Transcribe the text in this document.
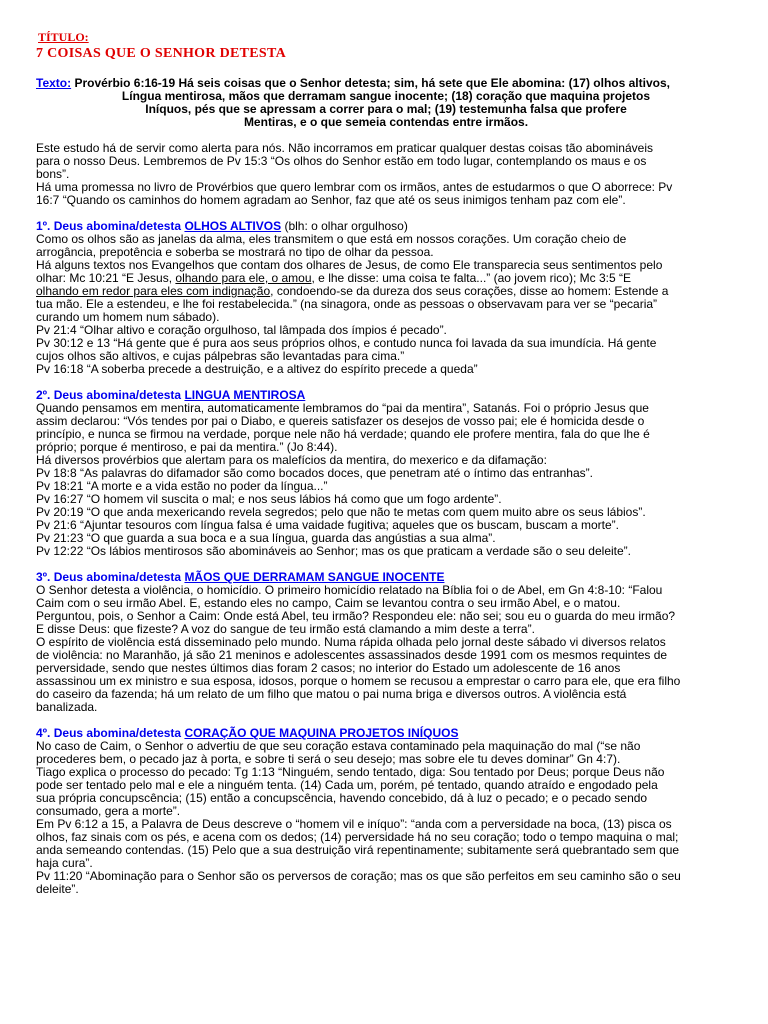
TÍTULO:
7 COISAS QUE O SENHOR DETESTA
Texto: Provérbio 6:16-19 Há seis coisas que o Senhor detesta; sim, há sete que Ele abomina: (17) olhos altivos,
Língua mentirosa, mãos que derramam sangue inocente; (18) coração que maquina projetos
Iníquos, pés que se apressam a correr para o mal; (19) testemunha falsa que profere
Mentiras, e o que semeia contendas entre irmãos.
Este estudo há de servir como alerta para nós. Não incorramos em praticar qualquer destas coisas tão abomináveis
para o nosso Deus. Lembremos de Pv 15:3 “Os olhos do Senhor estão em todo lugar, contemplando os maus e os
bons”.
Há uma promessa no livro de Provérbios que quero lembrar com os irmãos, antes de estudarmos o que O aborrece: Pv
16:7 “Quando os caminhos do homem agradam ao Senhor, faz que até os seus inimigos tenham paz com ele”.
1º. Deus abomina/detesta OLHOS ALTIVOS (blh: o olhar orgulhoso)
Como os olhos são as janelas da alma, eles transmitem o que está em nossos corações. Um coração cheio de
arrogância, prepotência e soberba se mostrará no tipo de olhar da pessoa.
Há alguns textos nos Evangelhos que contam dos olhares de Jesus, de como Ele transparecia seus sentimentos pelo
olhar: Mc 10:21 “E Jesus, olhando para ele, o amou, e lhe disse: uma coisa te falta...” (ao jovem rico); Mc 3:5 “E
olhando em redor para eles com indignação, condoendo-se da dureza dos seus corações, disse ao homem: Estende a
tua mão. Ele a estendeu, e lhe foi restabelecida.” (na sinagora, onde as pessoas o observavam para ver se “pecaria”
curando um homem num sábado).
Pv 21:4 “Olhar altivo e coração orgulhoso, tal lâmpada dos ímpios é pecado”.
Pv 30:12 e 13 “Há gente que é pura aos seus próprios olhos, e contudo nunca foi lavada da sua imundícia. Há gente
cujos olhos são altivos, e cujas pálpebras são levantadas para cima.”
Pv 16:18 “A soberba precede a destruição, e a altivez do espírito precede a queda”
2º. Deus abomina/detesta LINGUA MENTIROSA
Quando pensamos em mentira, automaticamente lembramos do “pai da mentira”, Satanás. Foi o próprio Jesus que
assim declarou: “Vós tendes por pai o Diabo, e quereis satisfazer os desejos de vosso pai; ele é homicida desde o
princípio, e nunca se firmou na verdade, porque nele não há verdade; quando ele profere mentira, fala do que lhe é
próprio; porque é mentiroso, e pai da mentira.” (Jo 8:44).
Há diversos provérbios que alertam para os malefícios da mentira, do mexerico e da difamação:
Pv 18:8 “As palavras do difamador são como bocados doces, que penetram até o íntimo das entranhas”.
Pv 18:21 “A morte e a vida estão no poder da língua...”
Pv 16:27 “O homem vil suscita o mal; e nos seus lábios há como que um fogo ardente”.
Pv 20:19 “O que anda mexericando revela segredos; pelo que não te metas com quem muito abre os seus lábios”.
Pv 21:6 “Ajuntar tesouros com língua falsa é uma vaidade fugitiva; aqueles que os buscam, buscam a morte”.
Pv 21:23 “O que guarda a sua boca e a sua língua, guarda das angústias a sua alma”.
Pv 12:22 “Os lábios mentirosos são abomináveis ao Senhor; mas os que praticam a verdade são o seu deleite”.
3º. Deus abomina/detesta MÃOS QUE DERRAMAM SANGUE INOCENTE
O Senhor detesta a violência, o homicídio. O primeiro homicídio relatado na Bíblia foi o de Abel, em Gn 4:8-10: “Falou
Caim com o seu irmão Abel. E, estando eles no campo, Caim se levantou contra o seu irmão Abel, e o matou.
Perguntou, pois, o Senhor a Caim: Onde está Abel, teu irmão? Respondeu ele: não sei; sou eu o guarda do meu irmão?
E disse Deus: que fizeste? A voz do sangue de teu irmão está clamando a mim deste a terra”.
O espírito de violência está disseminado pelo mundo. Numa rápida olhada pelo jornal deste sábado vi diversos relatos
de violência: no Maranhão, já são 21 meninos e adolescentes assassinados desde 1991 com os mesmos requintes de
perversidade, sendo que nestes últimos dias foram 2 casos; no interior do Estado um adolescente de 16 anos
assassinou um ex ministro e sua esposa, idosos, porque o homem se recusou a emprestar o carro para ele, que era filho
do caseiro da fazenda; há um relato de um filho que matou o pai numa briga e diversos outros. A violência está
banalizada.
4º. Deus abomina/detesta CORAÇÃO QUE MAQUINA PROJETOS INÍQUOS
No caso de Caim, o Senhor o advertiu de que seu coração estava contaminado pela maquinação do mal (“se não
procederes bem, o pecado jaz à porta, e sobre ti será o seu desejo; mas sobre ele tu deves dominar” Gn 4:7).
Tiago explica o processo do pecado: Tg 1:13 “Ninguém, sendo tentado, diga: Sou tentado por Deus; porque Deus não
pode ser tentado pelo mal e ele a ninguém tenta. (14) Cada um, porém, pé tentado, quando atraído e engodado pela
sua própria concupscência; (15) então a concupscência, havendo concebido, dá à luz o pecado; e o pecado sendo
consumado, gera a morte”.
Em Pv 6:12 a 15, a Palavra de Deus descreve o “homem vil e iníquo”: “anda com a perversidade na boca, (13) pisca os
olhos, faz sinais com os pés, e acena com os dedos; (14) perversidade há no seu coração; todo o tempo maquina o mal;
anda semeando contendas. (15) Pelo que a sua destruição virá repentinamente; subitamente será quebrantado sem que
haja cura”.
Pv 11:20 “Abominação para o Senhor são os perversos de coração; mas os que são perfeitos em seu caminho são o seu
deleite”.
